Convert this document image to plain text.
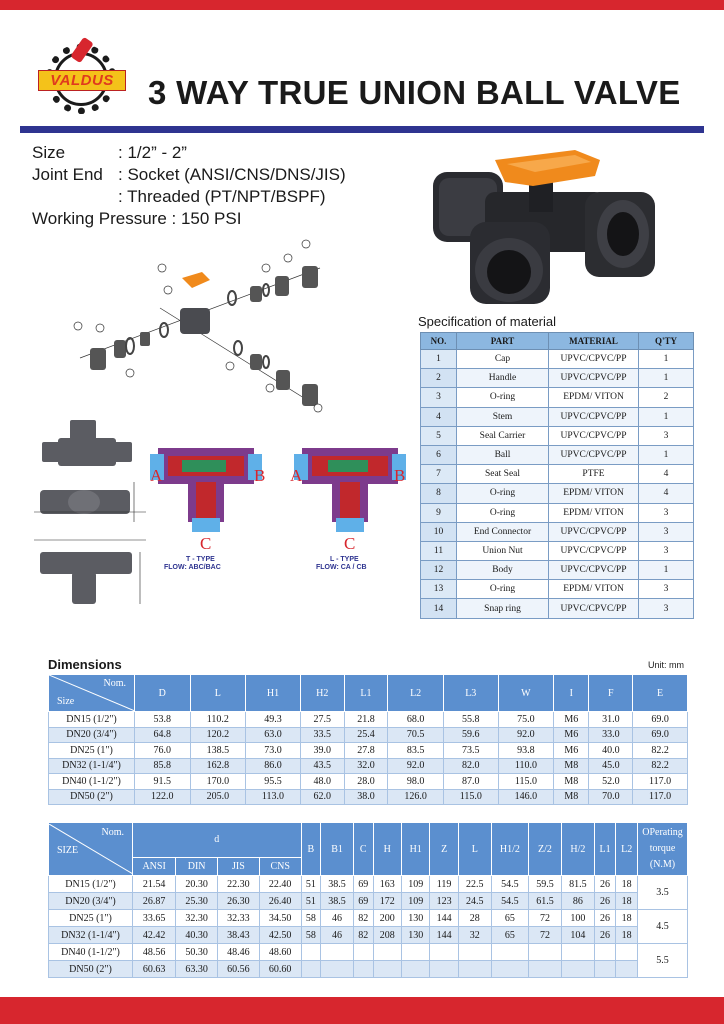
VALDUS	3 WAY TRUE UNION BALL VALVE
Size	: 1/2” - 2”
Joint End : Socket (ANSI/CNS/DNS/JIS)
: Threaded (PT/NPT/BSPF)
Working Pressure : 150 PSI
A	B
C
T - TYPE
FLOW: ABC/BAC
A	B
C
L - TYPE
FLOW: CA / CB
Specification of material
NO.	PART	MATERIAL	Q'TY
1	Cap	UPVC/CPVC/PP	1
2	Handle	UPVC/CPVC/PP	1
3	O-ring	EPDM/ VITON	2
4	Stem	UPVC/CPVC/PP	1
5	Seal Carrier	UPVC/CPVC/PP	3
6	Ball	UPVC/CPVC/PP	1
7	Seat Seal	PTFE	4
8	O-ring	EPDM/ VITON	4
9	O-ring	EPDM/ VITON	3
10	End Connector	UPVC/CPVC/PP	3
11	Union Nut	UPVC/CPVC/PP	3
12	Body	UPVC/CPVC/PP	1
13	O-ring	EPDM/ VITON	3
14	Snap ring	UPVC/CPVC/PP	3
Dimensions	Unit: mm
Nom.
Size	D	L	H1	H2	L1	L2	L3	W	I	F	E
DN15 (1/2")	53.8	110.2	49.3	27.5	21.8	68.0	55.8	75.0	M6	31.0	69.0
DN20 (3/4")	64.8	120.2	63.0	33.5	25.4	70.5	59.6	92.0	M6	33.0	69.0
DN25 (1")	76.0	138.5	73.0	39.0	27.8	83.5	73.5	93.8	M6	40.0	82.2
DN32 (1-1/4")	85.8	162.8	86.0	43.5	32.0	92.0	82.0	110.0	M8	45.0	82.2
DN40 (1-1/2")	91.5	170.0	95.5	48.0	28.0	98.0	87.0	115.0	M8	52.0	117.0
DN50 (2")	122.0	205.0	113.0	62.0	38.0	126.0	115.0	146.0	M8	70.0	117.0
Nom.
SIZE	d				B	B1	C	H	H1	Z	L	H1/2	Z/2	H/2	L1	L2	OPerating torque (N.M)
	ANSI	DIN	JIS	CNS													
DN15 (1/2")	21.54	20.30	22.30	22.40	51	38.5	69	163	109	119	22.5	54.5	59.5	81.5	26	18	3.5
DN20 (3/4")	26.87	25.30	26.30	26.40	51	38.5	69	172	109	123	24.5	54.5	61.5	86	26	18	
DN25 (1")	33.65	32.30	32.33	34.50	58	46	82	200	130	144	28	65	72	100	26	18	4.5
DN32 (1-1/4")	42.42	40.30	38.43	42.50	58	46	82	208	130	144	32	65	72	104	26	18	
DN40 (1-1/2")	48.56	50.30	48.46	48.60													5.5
DN50 (2")	60.63	63.30	60.56	60.60													
